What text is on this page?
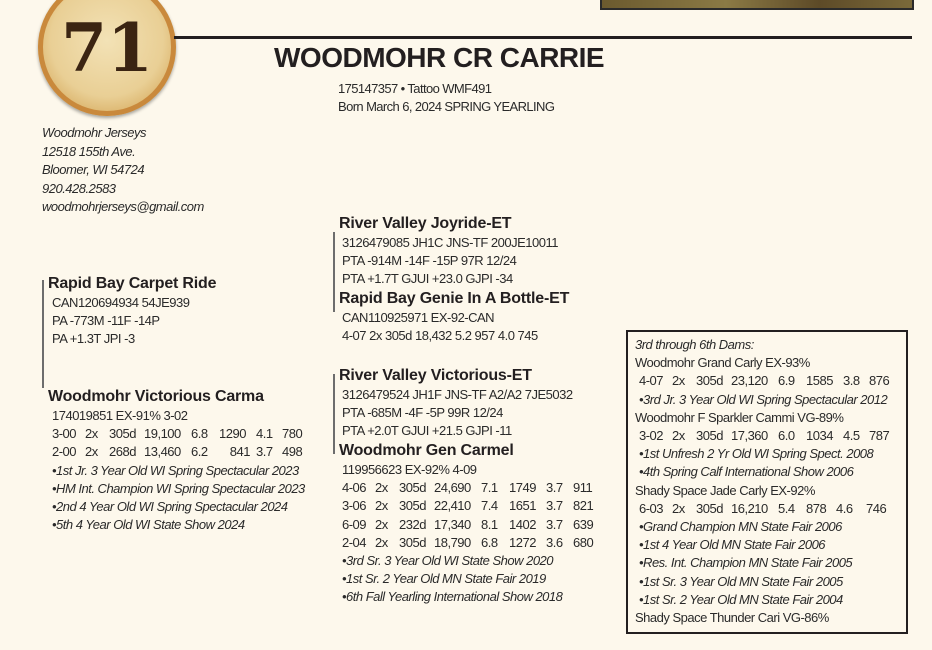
71	WOODMOHR CR CARRIE
175147357 • Tattoo WMF491
Born March 6, 2024 SPRING YEARLING
Woodmohr Jerseys
12518 155th Ave.
Bloomer, WI 54724
920.428.2583
woodmohrjerseys@gmail.com
Rapid Bay Carpet Ride
CAN120694934 54JE939
PA -773M -11F -14P
PA +1.3T JPI -3
Woodmohr Victorious Carma
174019851 EX-91% 3-02
3-00 2x 305d 19,100 6.8 1290 4.1 780
2-00 2x 268d 13,460 6.2	841 3.7 498
•1st Jr. 3 Year Old WI Spring Spectacular 2023
•HM Int. Champion WI Spring Spectacular 2023
•2nd 4 Year Old WI Spring Spectacular 2024
•5th 4 Year Old WI State Show 2024
River Valley Joyride-ET
3126479085 JH1C JNS-TF 200JE10011
PTA -914M -14F -15P 97R 12/24
PTA +1.7T GJUI +23.0 GJPI -34
Rapid Bay Genie In A Bottle-ET
CAN110925971 EX-92-CAN
4-07 2x 305d 18,432 5.2 957 4.0 745
River Valley Victorious-ET
3126479524 JH1F JNS-TF A2/A2 7JE5032
PTA -685M -4F -5P 99R 12/24
PTA +2.0T GJUI +21.5 GJPI -11
Woodmohr Gen Carmel
119956623 EX-92% 4-09
4-06 2x 305d 24,690 7.1 1749 3.7 911
3-06 2x 305d 22,410 7.4 1651 3.7 821
6-09 2x 232d 17,340 8.1 1402 3.7 639
2-04 2x 305d 18,790 6.8 1272 3.6 680
•3rd Sr. 3 Year Old WI State Show 2020
•1st Sr. 2 Year Old MN State Fair 2019
•6th Fall Yearling International Show 2018
3rd through 6th Dams:
Woodmohr Grand Carly EX-93%
4-07 2x 305d 23,120 6.9 1585 3.8 876
•3rd Jr. 3 Year Old WI Spring Spectacular 2012
Woodmohr F Sparkler Cammi VG-89%
3-02 2x 305d 17,360 6.0 1034 4.5 787
•1st Unfresh 2 Yr Old WI Spring Spect. 2008
•4th Spring Calf International Show 2006
Shady Space Jade Carly EX-92%
6-03 2x 305d 16,210 5.4 878 4.6	746
•Grand Champion MN State Fair 2006
•1st 4 Year Old MN State Fair 2006
•Res. Int. Champion MN State Fair 2005
•1st Sr. 3 Year Old MN State Fair 2005
•1st Sr. 2 Year Old MN State Fair 2004
Shady Space Thunder Cari VG-86%
